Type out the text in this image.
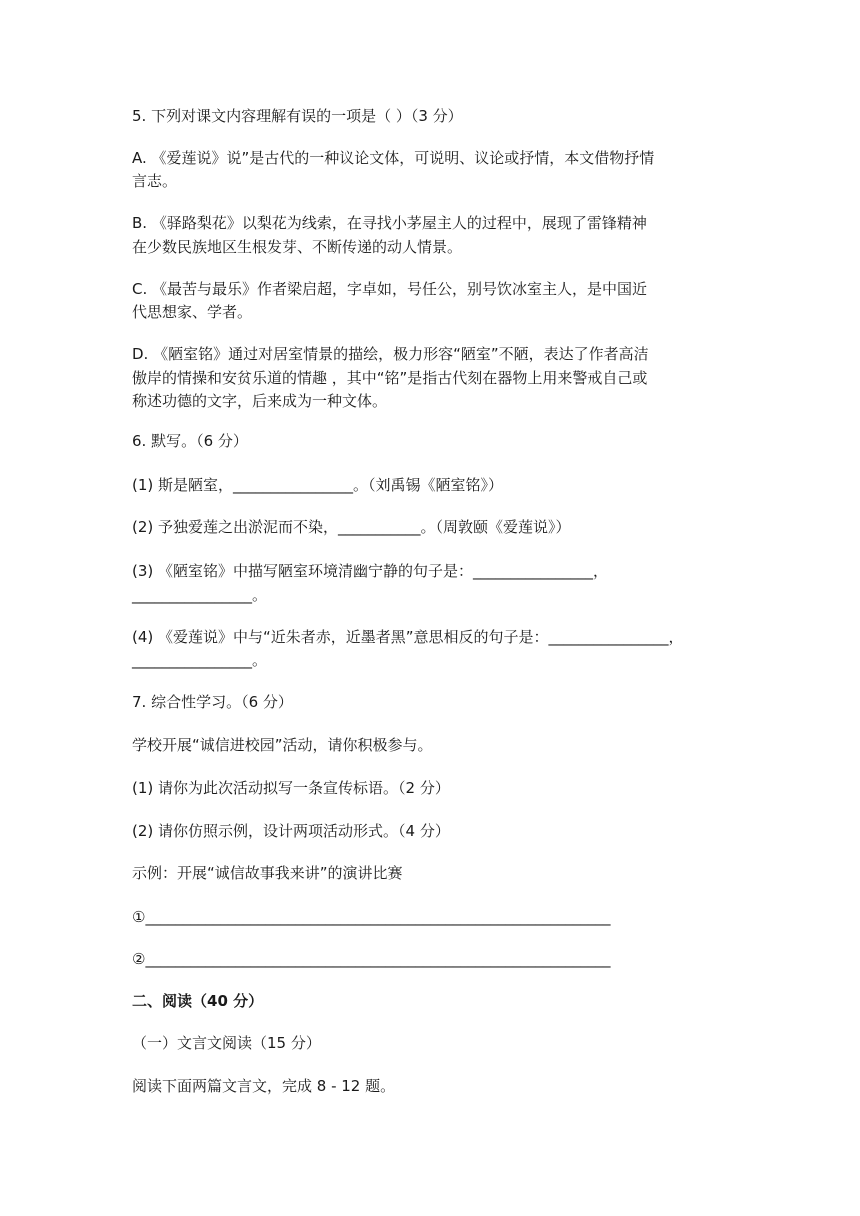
5. 下列对课文内容理解有误的一项是（ ）（3 分）

A. 《爱莲说》说”是古代的一种议论文体，可说明、议论或抒情，本文借物抒情

言志。

B. 《驿路梨花》以梨花为线索，在寻找小茅屋主人的过程中，展现了雷锋精神

在少数民族地区生根发芽、不断传递的动人情景。

C. 《最苦与最乐》作者梁启超，字卓如，号任公，别号饮冰室主人，是中国近

代思想家、学者。

D. 《陋室铭》通过对居室情景的描绘，极力形容“陋室”不陋，表达了作者高洁

傲岸的情操和安贫乐道的情趣 ，其中“铭”是指古代刻在器物上用来警戒自己或

称述功德的文字，后来成为一种文体。

6. 默写。（6 分）

(1) 斯是陋室，________________。（刘禹锡《陋室铭》）

(2) 予独爱莲之出淤泥而不染，___________。（周敦颐《爱莲说》）

(3) 《陋室铭》中描写陋室环境清幽宁静的句子是：________________，

________________。

(4) 《爱莲说》中与“近朱者赤，近墨者黑”意思相反的句子是：________________，

________________。

7. 综合性学习。（6 分）

学校开展“诚信进校园”活动，请你积极参与。

(1) 请你为此次活动拟写一条宣传标语。（2 分）

(2) 请你仿照示例，设计两项活动形式。（4 分）

示例：开展“诚信故事我来讲”的演讲比赛

①______________________________________________________________

②______________________________________________________________

二、阅读（40 分）

（一）文言文阅读（15 分）

阅读下面两篇文言文，完成 8 - 12 题。
